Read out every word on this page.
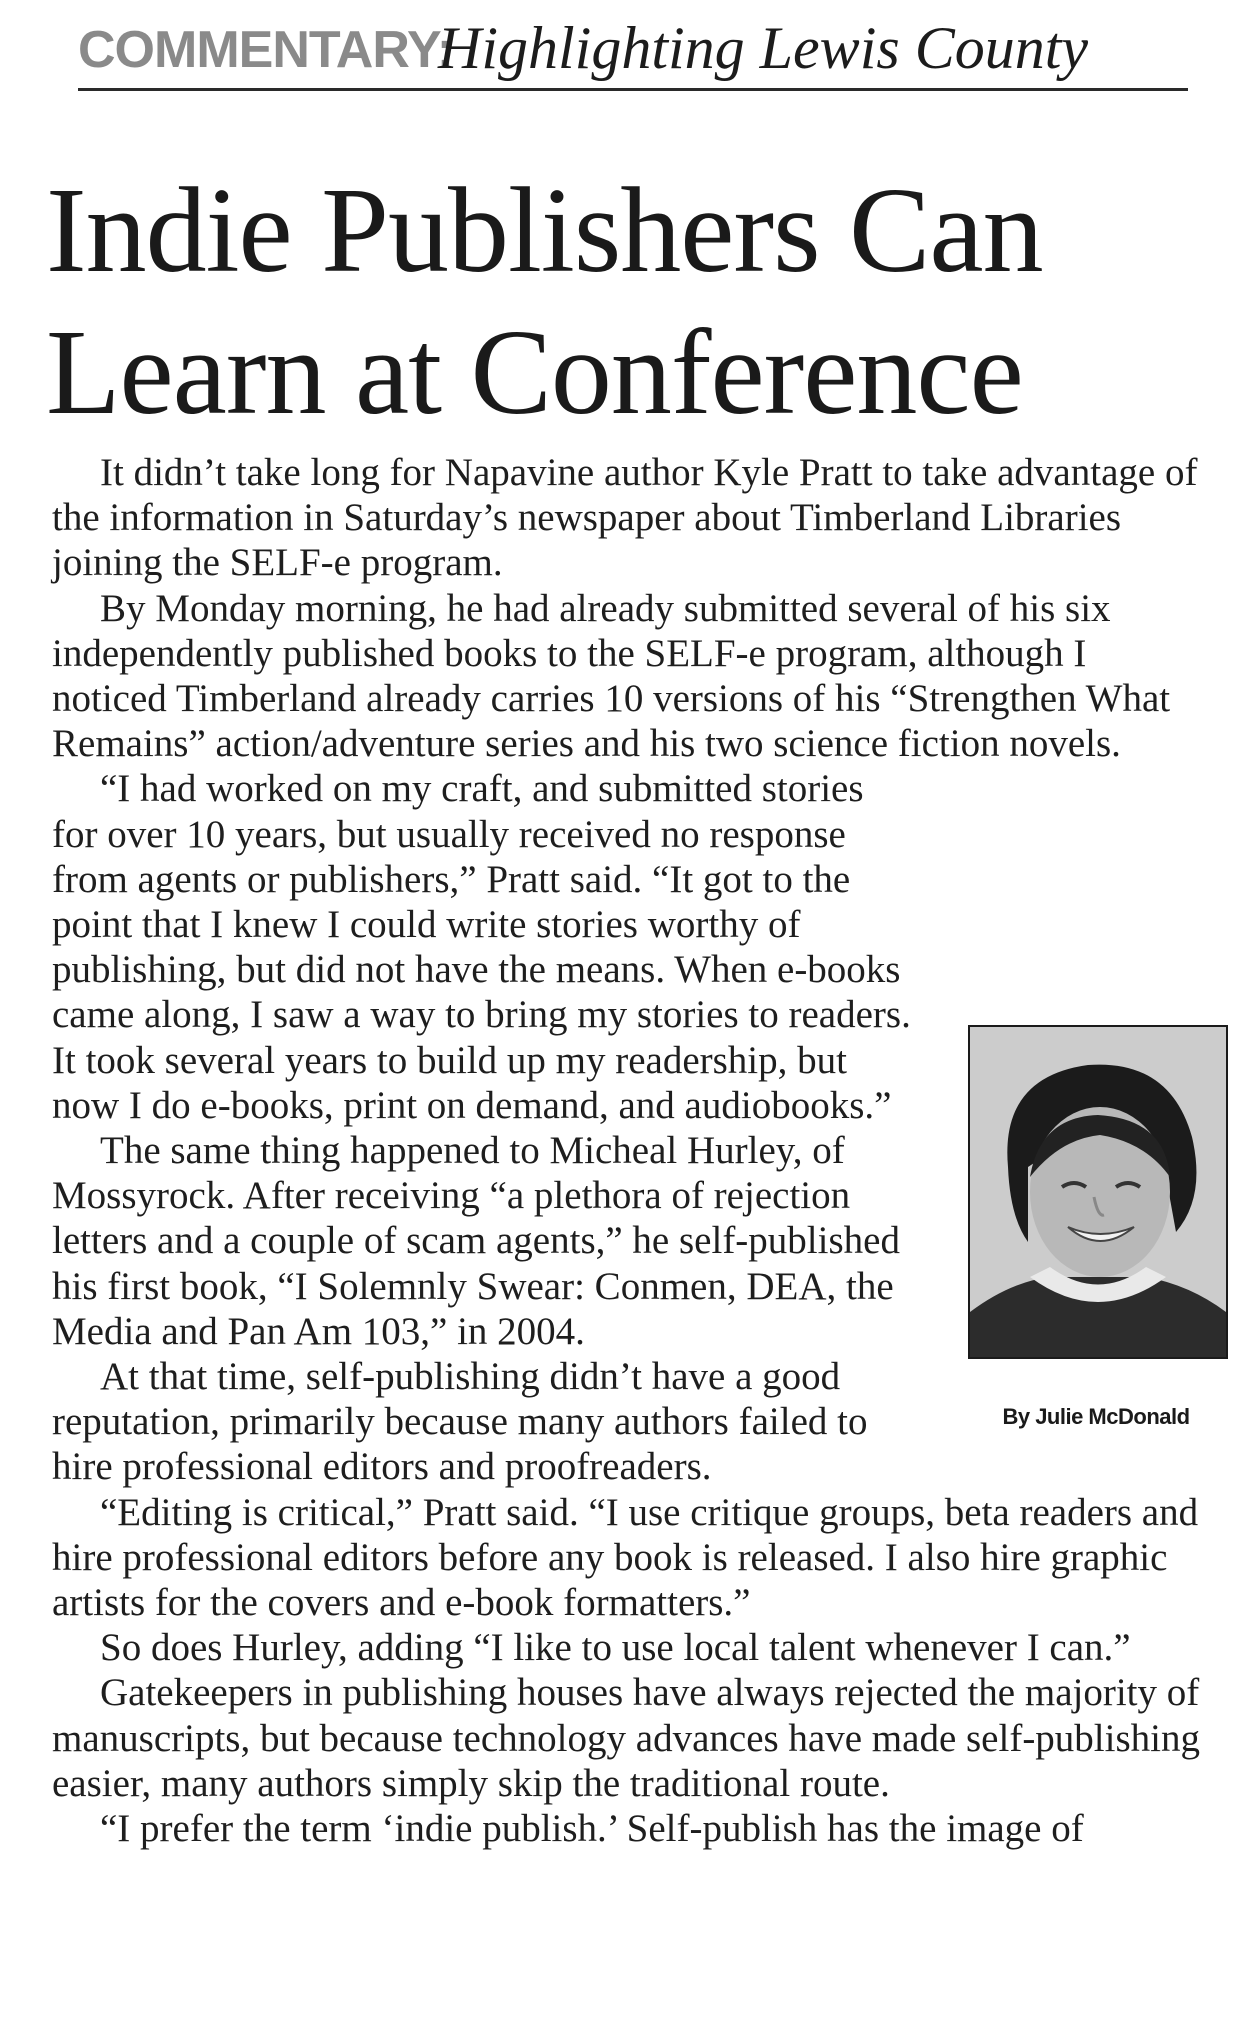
COMMENTARY:
Highlighting Lewis County
Indie Publishers Can
Learn at Conference

It didn’t take long for Napavine author Kyle Pratt to take advantage of the information in Saturday’s newspaper about Timberland Libraries joining the SELF-e program.

By Monday morning, he had already submitted several of his six independently published books to the SELF-e program, although I noticed Timberland already carries 10 versions of his “Strengthen What Remains” action/adventure series and his two science fiction novels.

“I had worked on my craft, and submitted stories for over 10 years, but usually received no response from agents or publishers,” Pratt said. “It got to the point that I knew I could write stories worthy of publishing, but did not have the means. When e-books came along, I saw a way to bring my stories to readers. It took several years to build up my readership, but now I do e-books, print on demand, and audiobooks.”

The same thing happened to Micheal Hurley, of Mossyrock. After receiving “a plethora of rejection letters and a couple of scam agents,” he self-published his first book, “I Solemnly Swear: Conmen, DEA, the Media and Pan Am 103,” in 2004.

At that time, self-publishing didn’t have a good reputation, primarily because many authors failed to hire professional editors and proofreaders.

“Editing is critical,” Pratt said. “I use critique groups, beta readers and hire professional editors before any book is released. I also hire graphic artists for the covers and e-book formatters.”

So does Hurley, adding “I like to use local talent whenever I can.”

Gatekeepers in publishing houses have always rejected the majority of manuscripts, but because technology advances have made self-publishing easier, many authors simply skip the traditional route.

“I prefer the term ‘indie publish.’ Self-publish has the image of

By Julie McDonald
